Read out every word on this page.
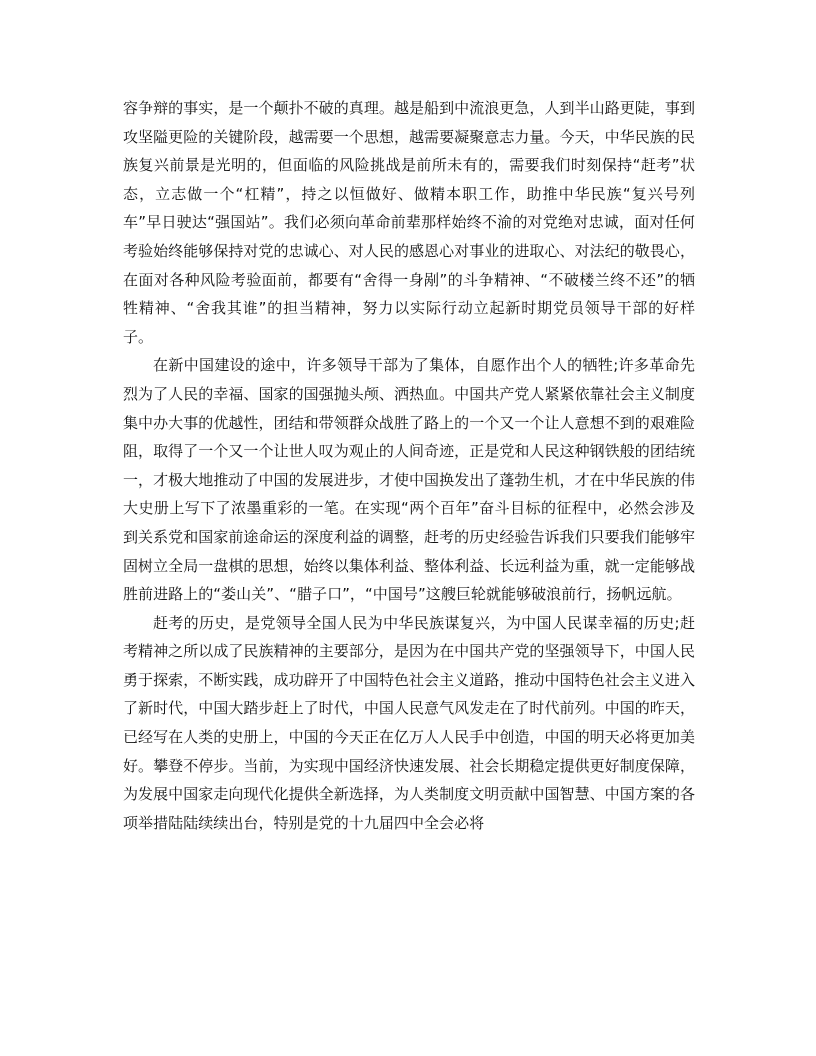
容争辩的事实，是一个颠扑不破的真理。越是船到中流浪更急，人到半山路更陡，事到攻坚隘更险的关键阶段，越需要一个思想，越需要凝聚意志力量。今天，中华民族的民族复兴前景是光明的，但面临的风险挑战是前所未有的，需要我们时刻保持“赶考”状态，立志做一个“杠精”，持之以恒做好、做精本职工作，助推中华民族“复兴号列车”早日驶达“强国站”。我们必须向革命前辈那样始终不渝的对党绝对忠诚，面对任何考验始终能够保持对党的忠诚心、对人民的感恩心对事业的进取心、对法纪的敬畏心，在面对各种风险考验面前，都要有“舍得一身剐”的斗争精神、“不破楼兰终不还”的牺牲精神、“舍我其谁”的担当精神，努力以实际行动立起新时期党员领导干部的好样子。

在新中国建设的途中，许多领导干部为了集体，自愿作出个人的牺牲;许多革命先烈为了人民的幸福、国家的国强抛头颅、洒热血。中国共产党人紧紧依靠社会主义制度集中办大事的优越性，团结和带领群众战胜了路上的一个又一个让人意想不到的艰难险阻，取得了一个又一个让世人叹为观止的人间奇迹，正是党和人民这种钢铁般的团结统一，才极大地推动了中国的发展进步，才使中国换发出了蓬勃生机，才在中华民族的伟大史册上写下了浓墨重彩的一笔。在实现“两个百年”奋斗目标的征程中，必然会涉及到关系党和国家前途命运的深度利益的调整，赶考的历史经验告诉我们只要我们能够牢固树立全局一盘棋的思想，始终以集体利益、整体利益、长远利益为重，就一定能够战胜前进路上的“娄山关”、“腊子口”，“中国号”这艘巨轮就能够破浪前行，扬帆远航。

赶考的历史，是党领导全国人民为中华民族谋复兴，为中国人民谋幸福的历史;赶考精神之所以成了民族精神的主要部分，是因为在中国共产党的坚强领导下，中国人民勇于探索，不断实践，成功辟开了中国特色社会主义道路，推动中国特色社会主义进入了新时代，中国大踏步赶上了时代，中国人民意气风发走在了时代前列。中国的昨天，已经写在人类的史册上，中国的今天正在亿万人人民手中创造，中国的明天必将更加美好。攀登不停步。当前，为实现中国经济快速发展、社会长期稳定提供更好制度保障，为发展中国家走向现代化提供全新选择，为人类制度文明贡献中国智慧、中国方案的各项举措陆陆续续出台，特别是党的十九届四中全会必将
